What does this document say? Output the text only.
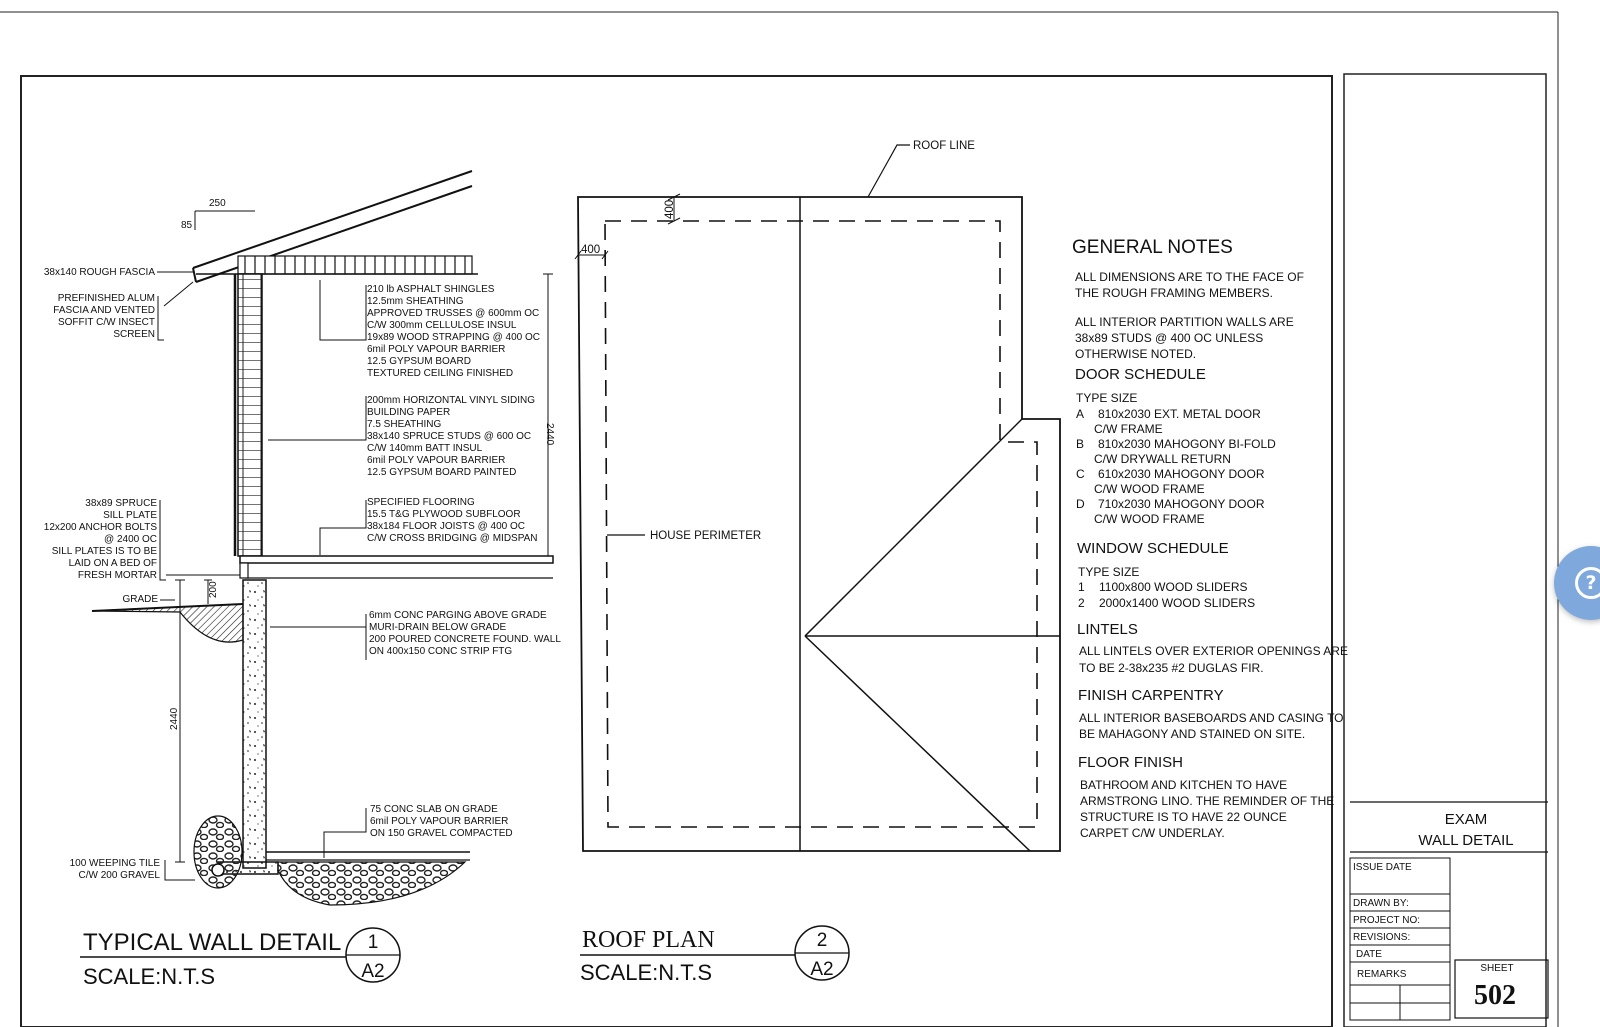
250
85
38x140 ROUGH FASCIA
PREFINISHED ALUM
FASCIA AND VENTED
SOFFIT C/W INSECT
SCREEN
210 lb ASPHALT SHINGLES
12.5mm SHEATHING
APPROVED TRUSSES @ 600mm OC
C/W 300mm CELLULOSE INSUL
19x89 WOOD STRAPPING @ 400 OC
6mil POLY VAPOUR BARRIER
12.5 GYPSUM BOARD
TEXTURED CEILING FINISHED
200mm HORIZONTAL VINYL SIDING
BUILDING PAPER
7.5 SHEATHING
38x140 SPRUCE STUDS @ 600 OC
C/W 140mm BATT INSUL
6mil POLY VAPOUR BARRIER
12.5 GYPSUM BOARD PAINTED
SPECIFIED FLOORING
15.5 T&G PLYWOOD SUBFLOOR
38x184 FLOOR JOISTS @ 400 OC
C/W CROSS BRIDGING @ MIDSPAN
38x89 SPRUCE
SILL PLATE
12x200 ANCHOR BOLTS
@ 2400 OC
SILL PLATES IS TO BE
LAID ON A BED OF
FRESH MORTAR
GRADE
200
2440
2440
6mm CONC PARGING ABOVE GRADE
MURI-DRAIN BELOW GRADE
200 POURED CONCRETE FOUND. WALL
ON 400x150 CONC STRIP FTG
75 CONC SLAB ON GRADE
6mil POLY VAPOUR BARRIER
ON 150 GRAVEL COMPACTED
100 WEEPING TILE
C/W 200 GRAVEL
TYPICAL WALL DETAIL
SCALE:N.T.S
1
A2
ROOF LINE
400
400
HOUSE PERIMETER
ROOF PLAN
SCALE:N.T.S
2
A2
GENERAL NOTES
ALL DIMENSIONS ARE TO THE FACE OF
THE ROUGH FRAMING MEMBERS.
ALL INTERIOR PARTITION WALLS ARE
38x89 STUDS @ 400 OC UNLESS
OTHERWISE NOTED.
DOOR SCHEDULE
TYPE SIZE
A 810x2030 EXT. METAL DOOR
C/W FRAME
B 810x2030 MAHOGONY BI-FOLD
C/W DRYWALL RETURN
C 610x2030 MAHOGONY DOOR
C/W WOOD FRAME
D 710x2030 MAHOGONY DOOR
C/W WOOD FRAME
WINDOW SCHEDULE
TYPE SIZE
1 1100x800 WOOD SLIDERS
2 2000x1400 WOOD SLIDERS
LINTELS
ALL LINTELS OVER EXTERIOR OPENINGS ARE
TO BE 2-38x235 #2 DUGLAS FIR.
FINISH CARPENTRY
ALL INTERIOR BASEBOARDS AND CASING TO
BE MAHAGONY AND STAINED ON SITE.
FLOOR FINISH
BATHROOM AND KITCHEN TO HAVE
ARMSTRONG LINO. THE REMINDER OF THE
STRUCTURE IS TO HAVE 22 OUNCE
CARPET C/W UNDERLAY.
EXAM
WALL DETAIL
ISSUE DATE
DRAWN BY:
PROJECT NO:
REVISIONS:
DATE
REMARKS
SHEET
502
?
